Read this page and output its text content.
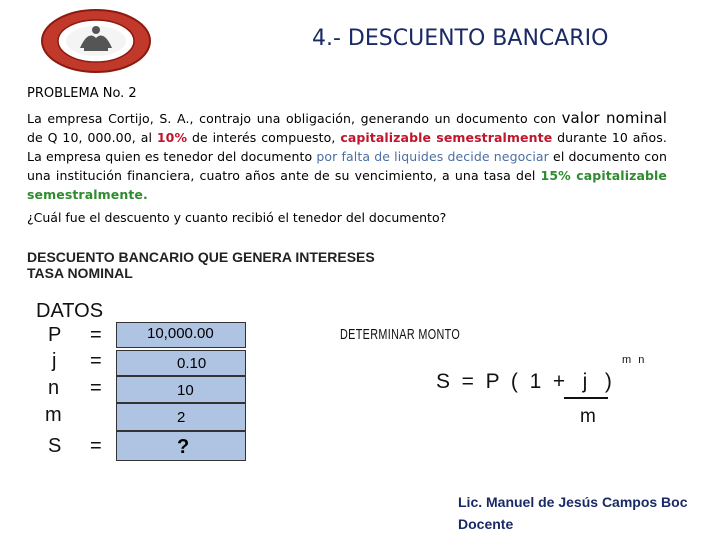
4.- DESCUENTO BANCARIO
PROBLEMA No. 2
La empresa Cortijo, S. A., contrajo una obligación, generando un documento con valor nominal de Q 10, 000.00, al 10% de interés compuesto, capitalizable semestralmente durante 10 años. La empresa quien es tenedor del documento por falta de liquides decide negociar el documento con una institución financiera, cuatro años ante de su vencimiento, a una tasa del 15% capitalizable semestralmente.
¿Cuál fue el descuento y cuanto recibió el tenedor del documento?
DESCUENTO BANCARIO QUE GENERA INTERESES
TASA NOMINAL
DATOS
P
j
n
m
S
=
=
=
=
10,000.00
0.10
10
2
?
DETERMINAR MONTO
S  =  P  (  1  +   j   )
m n
m
Lic. Manuel de Jesús Campos Boc
Docente
